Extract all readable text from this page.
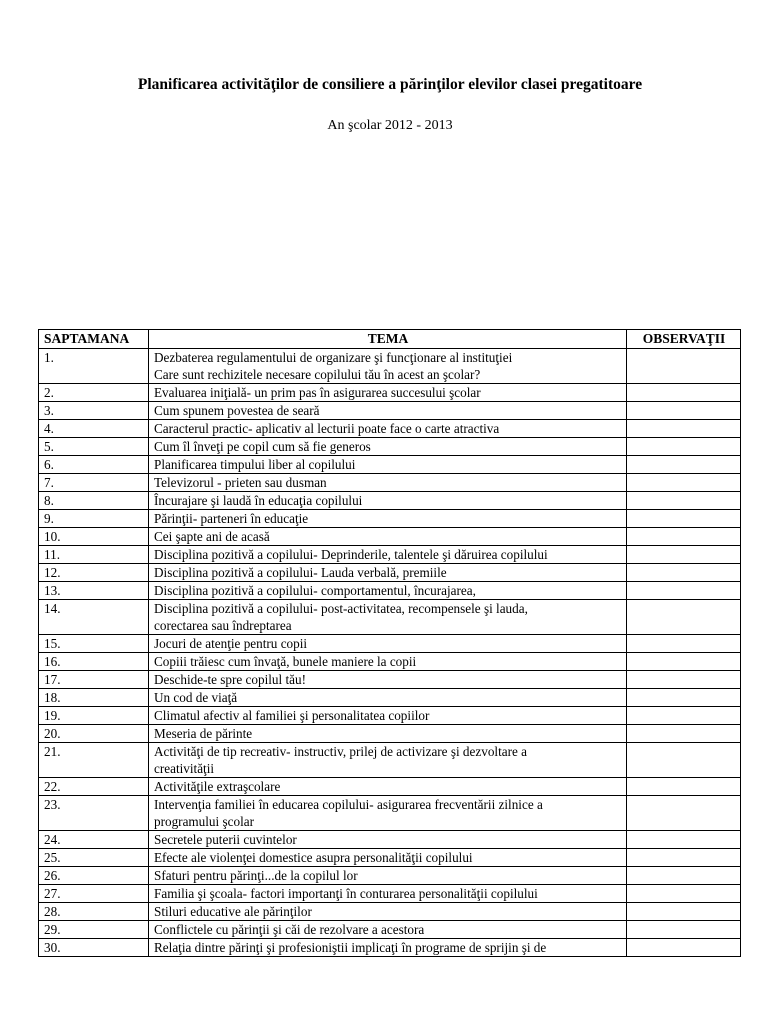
Planificarea activităţilor de consiliere a părinţilor elevilor clasei pregatitoare
An şcolar 2012 - 2013
SAPTAMANA	TEMA	OBSERVAŢII
1.	Dezbaterea regulamentului de organizare şi funcţionare al instituţiei
Care sunt rechizitele necesare copilului tău în acest an şcolar?	

2.	Evaluarea iniţială- un prim pas în asigurarea succesului şcolar	

3.	Cum spunem povestea de seară	

4.	Caracterul practic- aplicativ al lecturii poate face o carte atractiva	

5.	Cum îl înveţi pe copil cum să fie generos	

6.	Planificarea timpului liber al copilului	

7.	Televizorul - prieten sau dusman	

8.	Încurajare şi laudă în educaţia copilului	

9.	Părinţii- parteneri în educaţie	

10.	Cei şapte ani de acasă	

11.	Disciplina pozitivă a copilului- Deprinderile, talentele şi dăruirea copilului	

12.	Disciplina pozitivă a copilului- Lauda verbală, premiile	

13.	Disciplina pozitivă a copilului- comportamentul, încurajarea,	

14.	Disciplina pozitivă a copilului- post-activitatea, recompensele şi lauda,
corectarea sau îndreptarea	

15.	Jocuri de atenţie pentru copii	

16.	Copiii trăiesc cum învaţă, bunele maniere la copii	

17.	Deschide-te spre copilul tău!	

18.	Un cod de viaţă	

19.	Climatul afectiv al familiei şi personalitatea copiilor	

20.	Meseria de părinte	

21.	Activităţi de tip recreativ- instructiv, prilej de activizare şi dezvoltare a
creativităţii	

22.	Activităţile extraşcolare	

23.	Intervenţia familiei în educarea copilului- asigurarea frecventării zilnice a
programului şcolar	

24.	Secretele puterii cuvintelor	

25.	Efecte ale violenţei domestice asupra personalităţii copilului	

26.	Sfaturi pentru părinţi...de la copilul lor	

27.	Familia şi şcoala- factori importanţi în conturarea personalităţii copilului	

28.	Stiluri educative ale părinţilor	

29.	Conflictele cu părinţii şi căi de rezolvare a acestora	

30.	Relaţia dintre părinţi şi profesioniştii implicaţi în programe de sprijin şi de	
